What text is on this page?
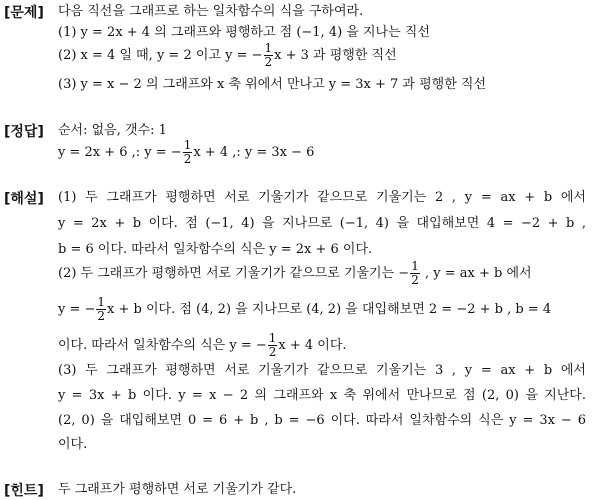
[문제] 다음 직선을 그래프로 하는 일차함수의 식을 구하여라.
(1) y = 2x + 4 의 그래프와 평행하고 점 (−1, 4) 을 지나는 직선
(2) x = 4 일 때, y = 2 이고 y = − $\frac{1}{2}$ x + 3 과 평행한 직선
(3) y = x − 2 의 그래프와 x 축 위에서 만나고 y = 3x + 7 과 평행한 직선
[정답] 순서: 없음, 갯수: 1
y = 2x + 6 ,: y = − $\frac{1}{2}$ x + 4 ,: y = 3x − 6
[해설] (1) 두 그래프가 평행하면 서로 기울기가 같으므로 기울기는 2 , y = ax + b 에서
y = 2x + b 이다. 점 (−1, 4) 을 지나므로 (−1, 4) 을 대입해보면 4 = −2 + b ,
b = 6 이다. 따라서 일차함수의 식은 y = 2x + 6 이다.
(2) 두 그래프가 평행하면 서로 기울기가 같으므로 기울기는 − $\frac{1}{2}$ , y = ax + b 에서
y = − $\frac{1}{2}$ x + b 이다. 점 (4, 2) 을 지나므로 (4, 2) 을 대입해보면 2 = −2 + b , b = 4
이다. 따라서 일차함수의 식은 y = − $\frac{1}{2}$ x + 4 이다.
(3) 두 그래프가 평행하면 서로 기울기가 같으므로 기울기는 3 , y = ax + b 에서
y = 3x + b 이다. y = x − 2 의 그래프와 x 축 위에서 만나므로 점 (2, 0) 을 지난다.
(2, 0) 을 대입해보면 0 = 6 + b , b = −6 이다. 따라서 일차함수의 식은 y = 3x − 6
이다.
[힌트] 두 그래프가 평행하면 서로 기울기가 같다.
